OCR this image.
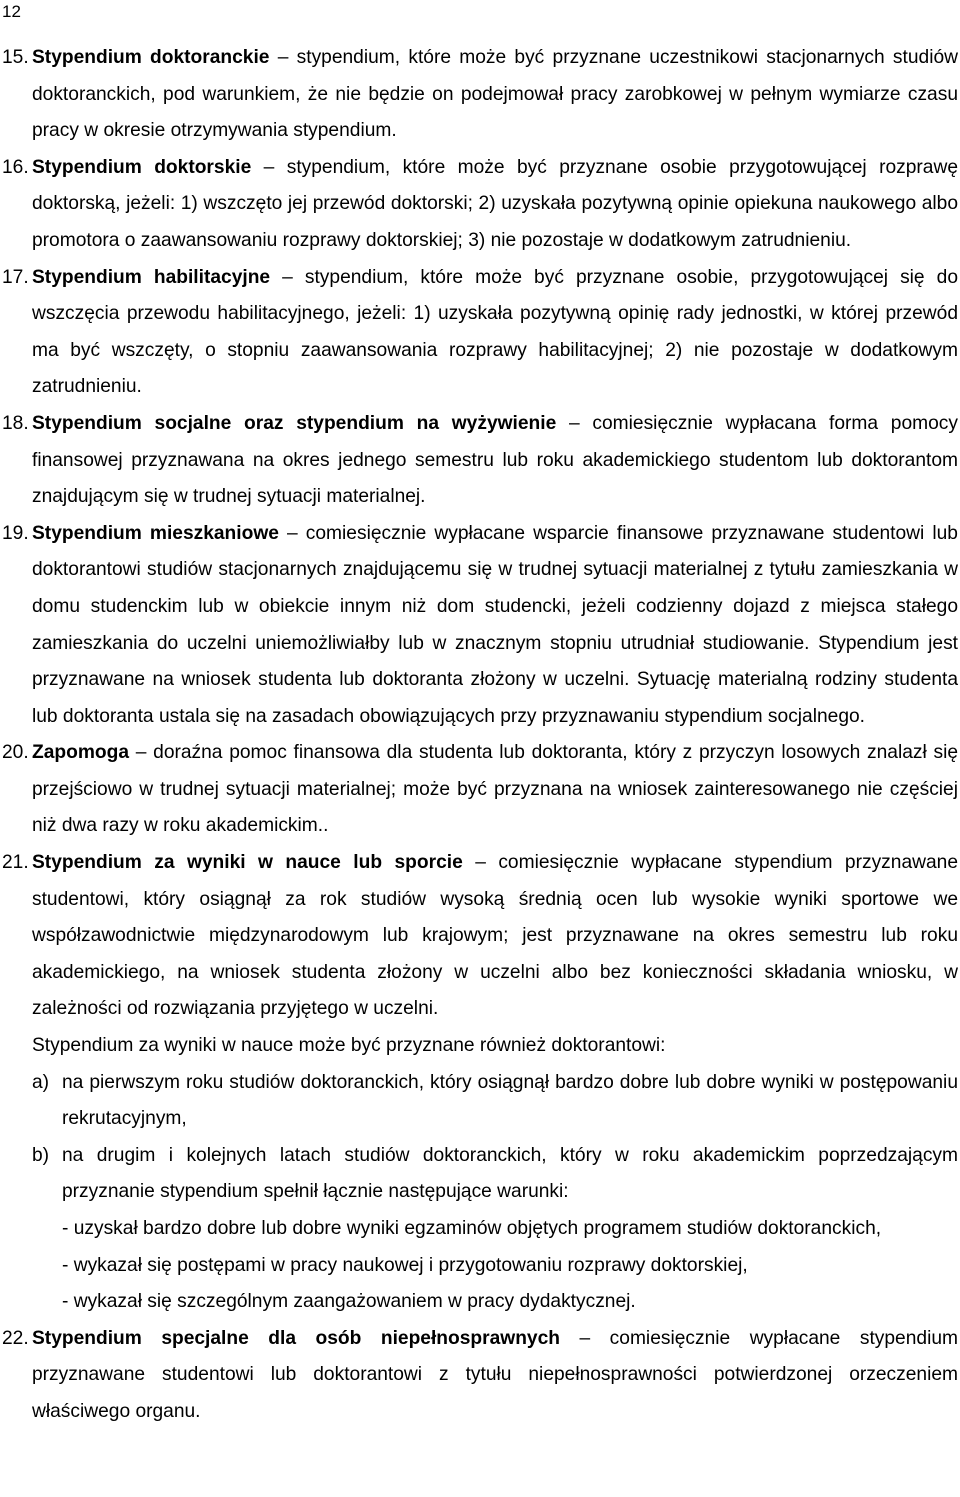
12
15. Stypendium doktoranckie – stypendium, które może być przyznane uczestnikowi stacjonarnych studiów doktoranckich, pod warunkiem, że nie będzie on podejmował pracy zarobkowej w pełnym wymiarze czasu pracy w okresie otrzymywania stypendium.

16. Stypendium doktorskie – stypendium, które może być przyznane osobie przygotowującej rozprawę doktorską, jeżeli: 1) wszczęto jej przewód doktorski; 2) uzyskała pozytywną opinie opiekuna naukowego albo promotora o zaawansowaniu rozprawy doktorskiej; 3) nie pozostaje w dodatkowym zatrudnieniu.

17. Stypendium habilitacyjne – stypendium, które może być przyznane osobie, przygotowującej się do wszczęcia przewodu habilitacyjnego, jeżeli: 1) uzyskała pozytywną opinię rady jednostki, w której przewód ma być wszczęty, o stopniu zaawansowania rozprawy habilitacyjnej; 2) nie pozostaje w dodatkowym zatrudnieniu.

18. Stypendium socjalne oraz stypendium na wyżywienie – comiesięcznie wypłacana forma pomocy finansowej przyznawana na okres jednego semestru lub roku akademickiego studentom lub doktorantom znajdującym się w trudnej sytuacji materialnej.

19. Stypendium mieszkaniowe – comiesięcznie wypłacane wsparcie finansowe przyznawane studentowi lub doktorantowi studiów stacjonarnych znajdującemu się w trudnej sytuacji materialnej z tytułu zamieszkania w domu studenckim lub w obiekcie innym niż dom studencki, jeżeli codzienny dojazd z miejsca stałego zamieszkania do uczelni uniemożliwiałby lub w znacznym stopniu utrudniał studiowanie. Stypendium jest przyznawane na wniosek studenta lub doktoranta złożony w uczelni. Sytuację materialną rodziny studenta lub doktoranta ustala się na zasadach obowiązujących przy przyznawaniu stypendium socjalnego.

20. Zapomoga – doraźna pomoc finansowa dla studenta lub doktoranta, który z przyczyn losowych znalazł się przejściowo w trudnej sytuacji materialnej; może być przyznana na wniosek zainteresowanego nie częściej niż dwa razy w roku akademickim..

21. Stypendium za wyniki w nauce lub sporcie – comiesięcznie wypłacane stypendium przyznawane studentowi, który osiągnął za rok studiów wysoką średnią ocen lub wysokie wyniki sportowe we współzawodnictwie międzynarodowym lub krajowym; jest przyznawane na okres semestru lub roku akademickiego, na wniosek studenta złożony w uczelni albo bez konieczności składania wniosku, w zależności od rozwiązania przyjętego w uczelni.

Stypendium za wyniki w nauce może być przyznane również doktorantowi:

a) na pierwszym roku studiów doktoranckich, który osiągnął bardzo dobre lub dobre wyniki w postępowaniu rekrutacyjnym,
b) na drugim i kolejnych latach studiów doktoranckich, który w roku akademickim poprzedzającym przyznanie stypendium spełnił łącznie następujące warunki:
- uzyskał bardzo dobre lub dobre wyniki egzaminów objętych programem studiów doktoranckich,
- wykazał się postępami w pracy naukowej i przygotowaniu rozprawy doktorskiej,
- wykazał się szczególnym zaangażowaniem w pracy dydaktycznej.
22. Stypendium specjalne dla osób niepełnosprawnych – comiesięcznie wypłacane stypendium przyznawane studentowi lub doktorantowi z tytułu niepełnosprawności potwierdzonej orzeczeniem właściwego organu.
